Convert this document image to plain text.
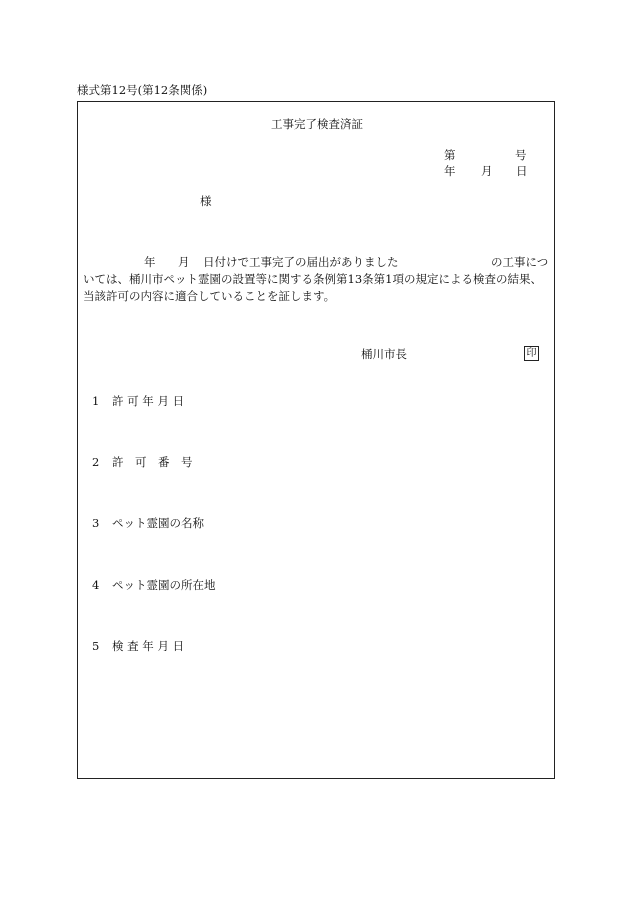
様式第12号(第12条関係)
工事完了検査済証
第	号
年 月 日
様
年 月 日付けで工事完了の届出がありました	の工事につ
いては、桶川市ペット霊園の設置等に関する条例第13条第1項の規定による検査の結果、
当該許可の内容に適合していることを証します。
桶川市長	印
1 許 可 年 月 日
2 許　可　番　号
3 ペット霊園の名称
4 ペット霊園の所在地
5 検 査 年 月 日
